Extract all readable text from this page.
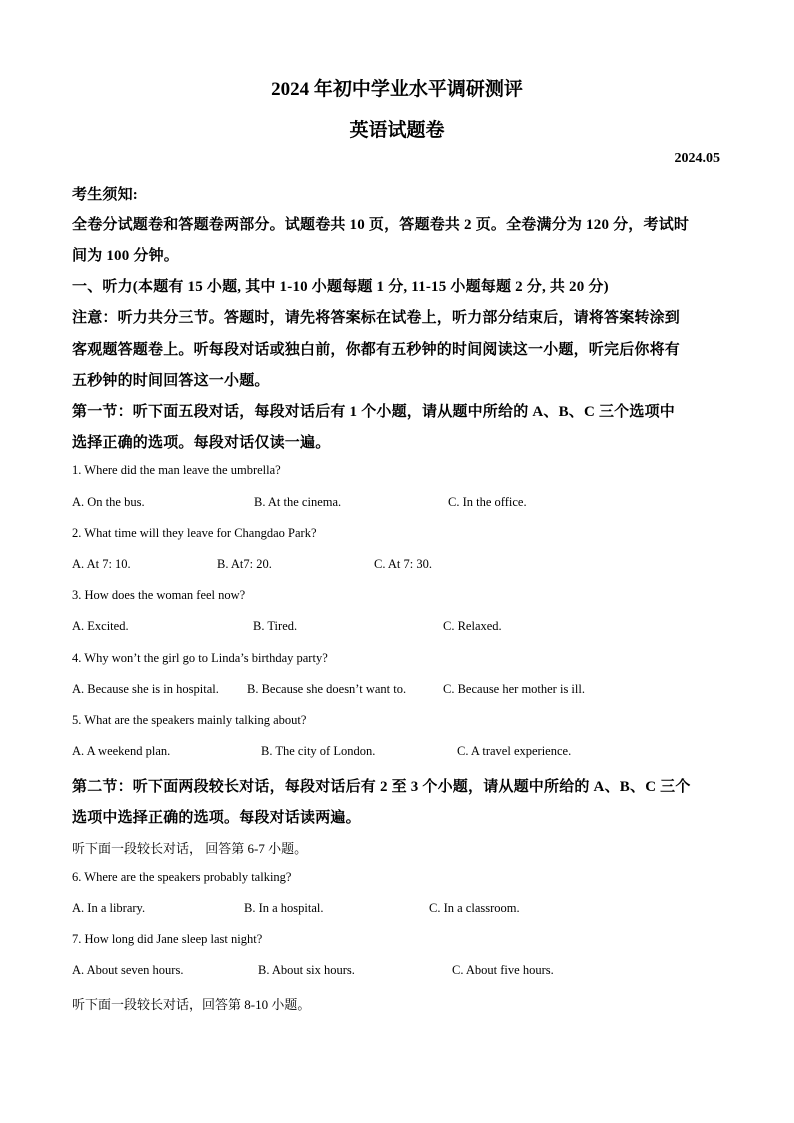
2024 年初中学业水平调研测评
英语试题卷
2024.05
考生须知:
全卷分试题卷和答题卷两部分。试题卷共 10 页，答题卷共 2 页。全卷满分为 120 分，考试时
间为 100 分钟。
一、听力(本题有 15 小题, 其中 1-10 小题每题 1 分, 11-15 小题每题 2 分, 共 20 分)
注意：听力共分三节。答题时，请先将答案标在试卷上，听力部分结束后，请将答案转涂到
客观题答题卷上。听每段对话或独白前，你都有五秒钟的时间阅读这一小题，听完后你将有
五秒钟的时间回答这一小题。
第一节：听下面五段对话，每段对话后有 1 个小题，请从题中所给的 A、B、C 三个选项中
选择正确的选项。每段对话仅读一遍。
1. Where did the man leave the umbrella?
A. On the bus.	B. At the cinema.	C. In the office.
2. What time will they leave for Changdao Park?
A. At 7: 10.	B. At7: 20.	C. At 7: 30.
3. How does the woman feel now?
A. Excited.	B. Tired.	C. Relaxed.
4. Why won’t the girl go to Linda’s birthday party?
A. Because she is in hospital. B. Because she doesn’t want to.	C. Because her mother is ill.
5. What are the speakers mainly talking about?
A. A weekend plan.	B. The city of London.	C. A travel experience.
第二节：听下面两段较长对话，每段对话后有 2 至 3 个小题，请从题中所给的 A、B、C 三个
选项中选择正确的选项。每段对话读两遍。
听下面一段较长对话， 回答第 6-7 小题。
6. Where are the speakers probably talking?
A. In a library.	B. In a hospital.	C. In a classroom.
7. How long did Jane sleep last night?
A. About seven hours.	B. About six hours.	C. About five hours.
听下面一段较长对话，回答第 8-10 小题。
